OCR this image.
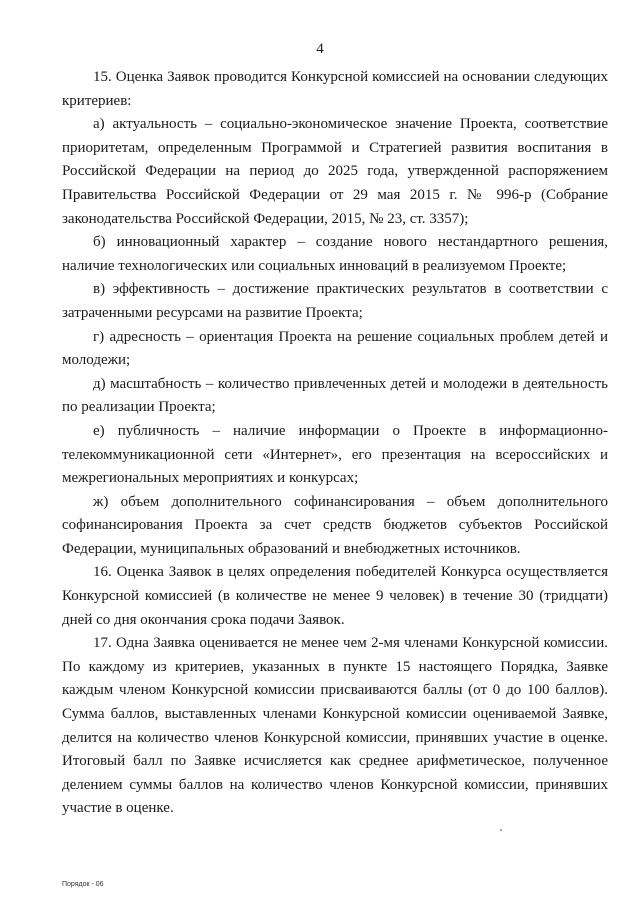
4

15. Оценка Заявок проводится Конкурсной комиссией на основании следующих критериев:

а) актуальность – социально-экономическое значение Проекта, соответствие приоритетам, определенным Программой и Стратегией развития воспитания в Российской Федерации на период до 2025 года, утвержденной распоряжением Правительства Российской Федерации от 29 мая 2015 г. № 996-р (Собрание законодательства Российской Федерации, 2015, № 23, ст. 3357);

б) инновационный характер – создание нового нестандартного решения, наличие технологических или социальных инноваций в реализуемом Проекте;

в) эффективность – достижение практических результатов в соответствии с затраченными ресурсами на развитие Проекта;

г) адресность – ориентация Проекта на решение социальных проблем детей и молодежи;

д) масштабность – количество привлеченных детей и молодежи в деятельность по реализации Проекта;

е) публичность – наличие информации о Проекте в информационно-телекоммуникационной сети «Интернет», его презентация на всероссийских и межрегиональных мероприятиях и конкурсах;

ж) объем дополнительного софинансирования – объем дополнительного софинансирования Проекта за счет средств бюджетов субъектов Российской Федерации, муниципальных образований и внебюджетных источников.

16. Оценка Заявок в целях определения победителей Конкурса осуществляется Конкурсной комиссией (в количестве не менее 9 человек) в течение 30 (тридцати) дней со дня окончания срока подачи Заявок.

17. Одна Заявка оценивается не менее чем 2-мя членами Конкурсной комиссии. По каждому из критериев, указанных в пункте 15 настоящего Порядка, Заявке каждым членом Конкурсной комиссии присваиваются баллы (от 0 до 100 баллов). Сумма баллов, выставленных членами Конкурсной комиссии оцениваемой Заявке, делится на количество членов Конкурсной комиссии, принявших участие в оценке. Итоговый балл по Заявке исчисляется как среднее арифметическое, полученное делением суммы баллов на количество членов Конкурсной комиссии, принявших участие в оценке.

Порядок - 06
